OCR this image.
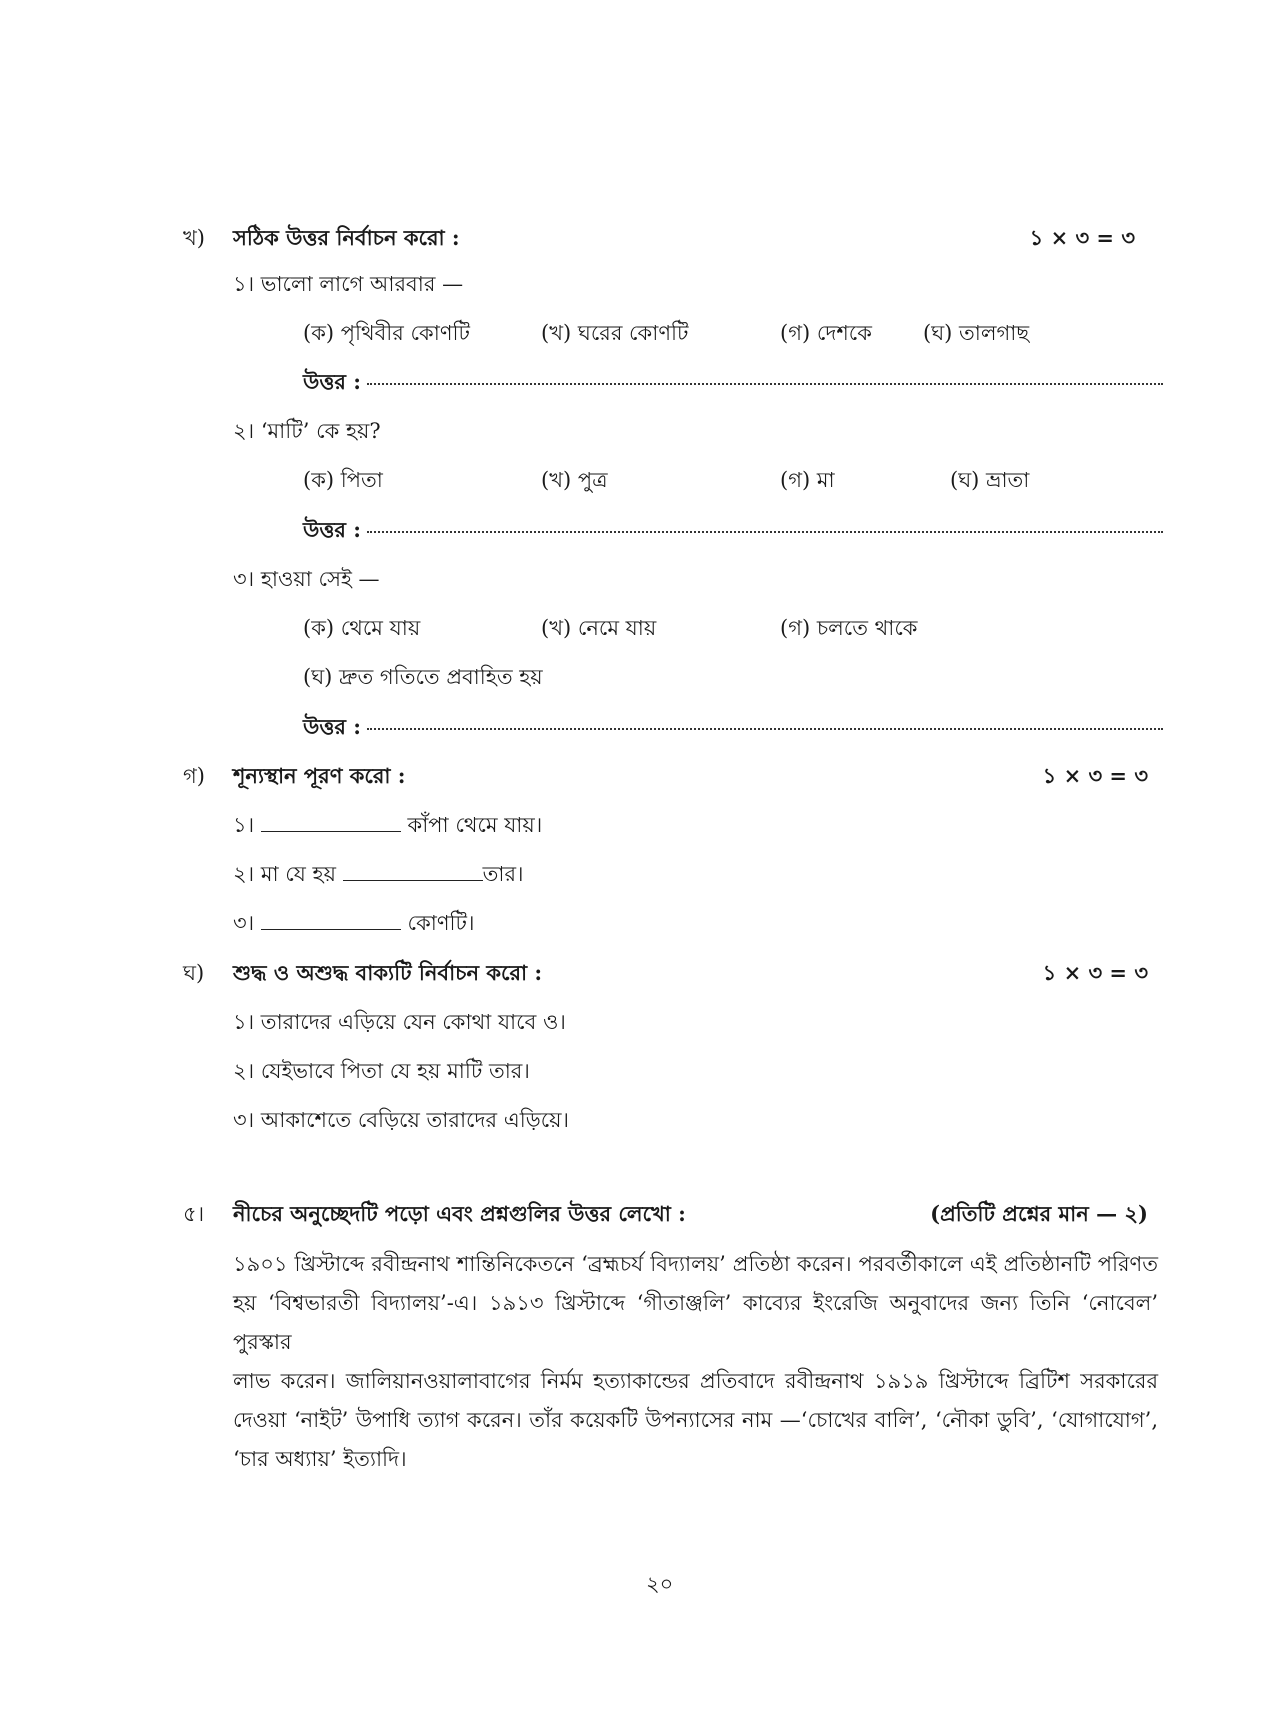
খ) সঠিক উত্তর নির্বাচন করো :	১ × ৩ = ৩
১। ভালো লাগে আরবার —
(ক) পৃথিবীর কোণটি	(খ) ঘরের কোণটি	(গ) দেশকে (ঘ) তালগাছ
উত্তর :
২। ‘মাটি’ কে হয়?
(ক) পিতা	(খ) পুত্র	(গ) মা	(ঘ) ভ্রাতা
উত্তর :
৩। হাওয়া সেই —
(ক) থেমে যায়	(খ) নেমে যায়	(গ) চলতে থাকে
(ঘ) দ্রুত গতিতে প্রবাহিত হয়
উত্তর :
গ) শূন্যস্থান পূরণ করো :	১ × ৩ = ৩
১।	কাঁপা থেমে যায়।
২। মা যে হয়	তার।
৩।	কোণটি।
ঘ) শুদ্ধ ও অশুদ্ধ বাক্যটি নির্বাচন করো :	১ × ৩ = ৩
১। তারাদের এড়িয়ে যেন কোথা যাবে ও।
২। যেইভাবে পিতা যে হয় মাটি তার।
৩। আকাশেতে বেড়িয়ে তারাদের এড়িয়ে।
৫। নীচের অনুচ্ছেদটি পড়ো এবং প্রশ্নগুলির উত্তর লেখো :	(প্রতিটি প্রশ্নের মান — ২)
১৯০১ খ্রিস্টাব্দে রবীন্দ্রনাথ শান্তিনিকেতনে ‘ব্রহ্মচর্য বিদ্যালয়’ প্রতিষ্ঠা করেন। পরবর্তীকালে এই প্রতিষ্ঠানটি পরিণত
হয় ‘বিশ্বভারতী বিদ্যালয়’-এ। ১৯১৩ খ্রিস্টাব্দে ‘গীতাঞ্জলি’ কাব্যের ইংরেজি অনুবাদের জন্য তিনি ‘নোবেল’ পুরস্কার
লাভ করেন। জালিয়ানওয়ালাবাগের নির্মম হত্যাকান্ডের প্রতিবাদে রবীন্দ্রনাথ ১৯১৯ খ্রিস্টাব্দে ব্রিটিশ সরকারের
দেওয়া ‘নাইট’ উপাধি ত্যাগ করেন। তাঁর কয়েকটি উপন্যাসের নাম —‘চোখের বালি’, ‘নৌকা ডুবি’, ‘যোগাযোগ’,
‘চার অধ্যায়’ ইত্যাদি।
২০
